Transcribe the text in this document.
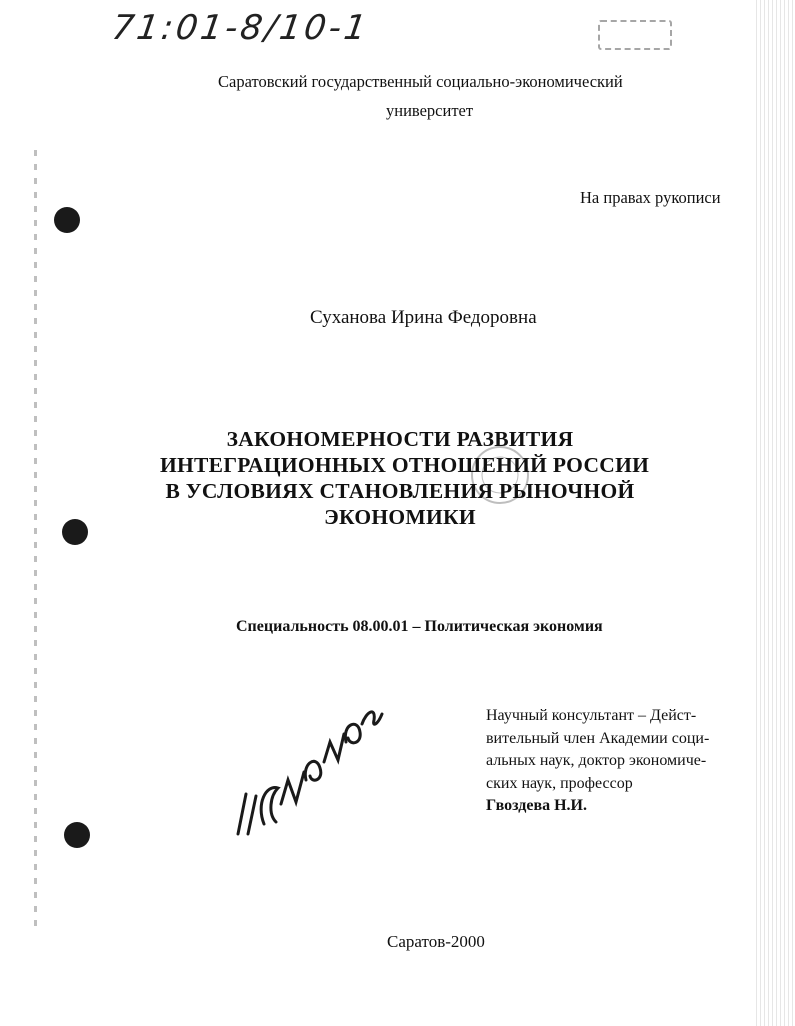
71:01-8/10-1
Саратовский государственный социально-экономический
университет
На правах рукописи
Суханова Ирина Федоровна
ЗАКОНОМЕРНОСТИ РАЗВИТИЯ
ИНТЕГРАЦИОННЫХ ОТНОШЕНИЙ РОССИИ
В УСЛОВИЯХ СТАНОВЛЕНИЯ РЫНОЧНОЙ
ЭКОНОМИКИ
Специальность 08.00.01 – Политическая экономия
Научный консультант – Дейст-
вительный член Академии соци-
альных наук, доктор экономиче-
ских наук, профессор
Гвоздева Н.И.
Саратов-2000
